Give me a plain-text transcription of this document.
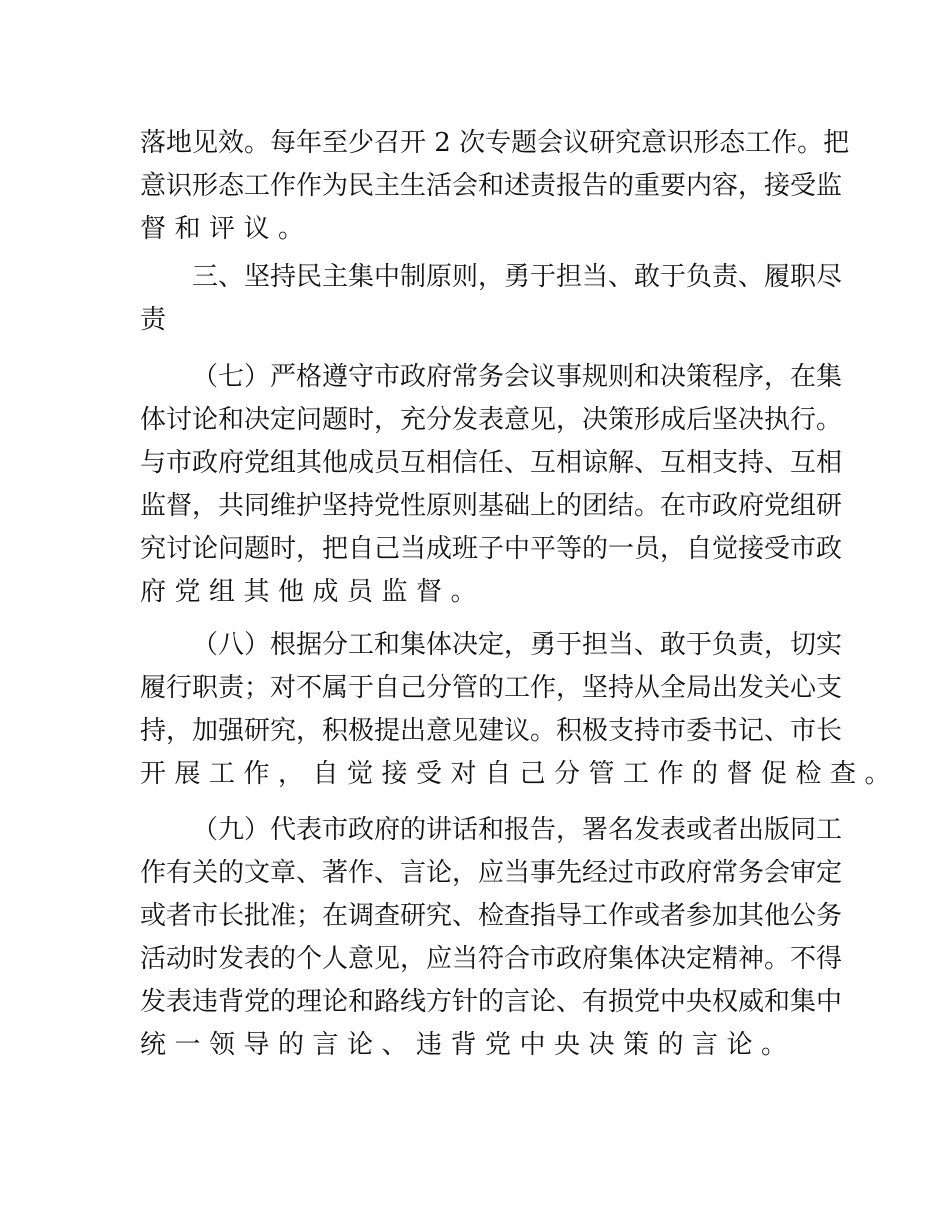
落地见效。每年至少召开 2 次专题会议研究意识形态工作。把
意识形态工作作为民主生活会和述责报告的重要内容，接受监
督和评议。
三、坚持民主集中制原则，勇于担当、敢于负责、履职尽
责
（七）严格遵守市政府常务会议事规则和决策程序，在集
体讨论和决定问题时，充分发表意见，决策形成后坚决执行。
与市政府党组其他成员互相信任、互相谅解、互相支持、互相
监督，共同维护坚持党性原则基础上的团结。在市政府党组研
究讨论问题时，把自己当成班子中平等的一员，自觉接受市政
府党组其他成员监督。
（八）根据分工和集体决定，勇于担当、敢于负责，切实
履行职责；对不属于自己分管的工作，坚持从全局出发关心支
持，加强研究，积极提出意见建议。积极支持市委书记、市长
开展工作，自觉接受对自己分管工作的督促检查。
（九）代表市政府的讲话和报告，署名发表或者出版同工
作有关的文章、著作、言论，应当事先经过市政府常务会审定
或者市长批准；在调查研究、检查指导工作或者参加其他公务
活动时发表的个人意见，应当符合市政府集体决定精神。不得
发表违背党的理论和路线方针的言论、有损党中央权威和集中
统一领导的言论、违背党中央决策的言论。
